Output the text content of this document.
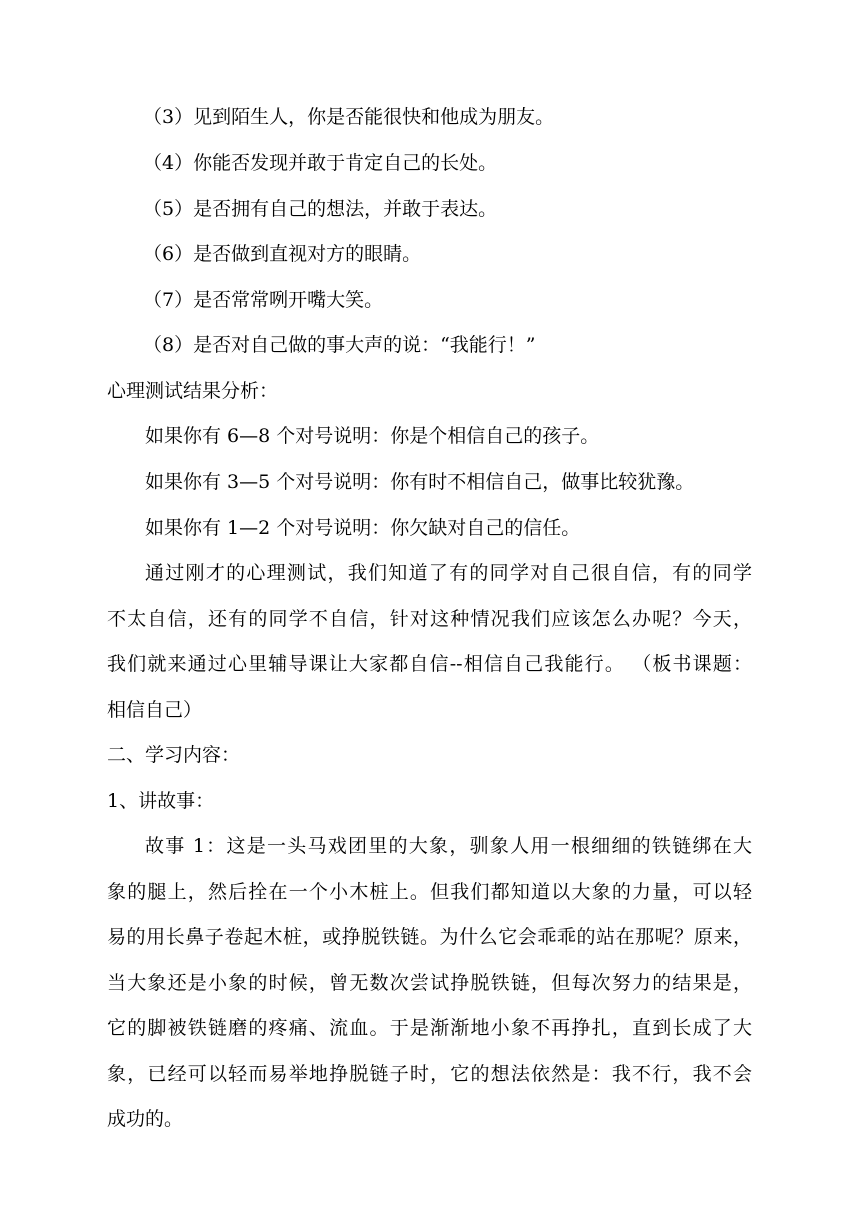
（3）见到陌生人，你是否能很快和他成为朋友。
（4）你能否发现并敢于肯定自己的长处。
（5）是否拥有自己的想法，并敢于表达。
（6）是否做到直视对方的眼睛。
（7）是否常常咧开嘴大笑。
（8）是否对自己做的事大声的说：“我能行！”
心理测试结果分析：
如果你有 6—8 个对号说明：你是个相信自己的孩子。
如果你有 3—5 个对号说明：你有时不相信自己，做事比较犹豫。
如果你有 1—2 个对号说明：你欠缺对自己的信任。
通过刚才的心理测试，我们知道了有的同学对自己很自信，有的同学
不太自信，还有的同学不自信，针对这种情况我们应该怎么办呢？今天，
我们就来通过心里辅导课让大家都自信--相信自己我能行。 （板书课题：
相信自己）
二、学习内容：
1、讲故事：
故事 1：这是一头马戏团里的大象，驯象人用一根细细的铁链绑在大
象的腿上，然后拴在一个小木桩上。但我们都知道以大象的力量，可以轻
易的用长鼻子卷起木桩，或挣脱铁链。为什么它会乖乖的站在那呢？原来，
当大象还是小象的时候，曾无数次尝试挣脱铁链，但每次努力的结果是，
它的脚被铁链磨的疼痛、流血。于是渐渐地小象不再挣扎，直到长成了大
象，已经可以轻而易举地挣脱链子时，它的想法依然是：我不行，我不会
成功的。
